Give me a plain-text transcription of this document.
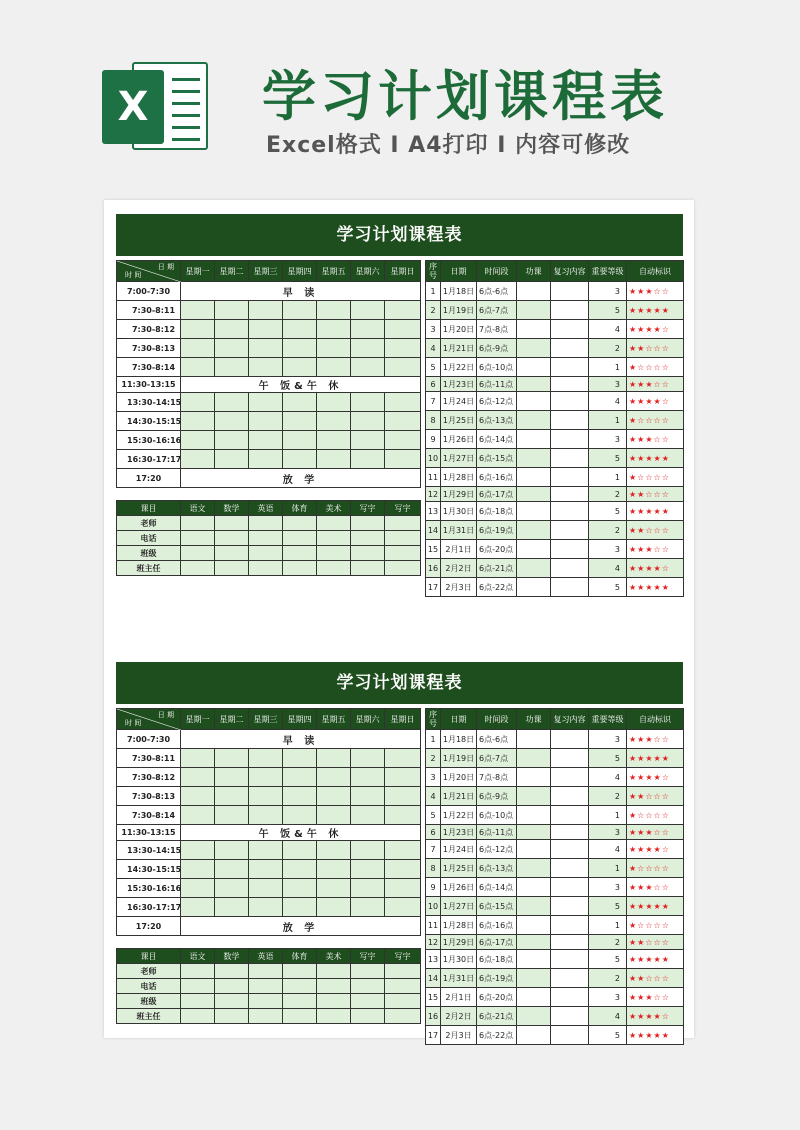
X 学习计划课程表
Excel格式 Ⅰ A4打印 Ⅰ 内容可修改
学习计划课程表
日 期
时 间	星期一	星期二	星期三	星期四	星期五	星期六	星期日
7:00-7:30	早 读						

7:30-8:11							
7:30-8:12							
7:30-8:13							
7:30-8:14							
11:30-13:15	午 饭&午 休						

13:30-14:15							
14:30-15:15							
15:30-16:16							
16:30-17:17							
17:20	放 学						
课目	语文	数学	英语	体育	美术	写字	写字
老师							
电话							
班级							
班主任							
序号	日期	时间段	功课	复习内容	重要等级	自动标识
1	1月18日	6点-6点			3	★★★☆☆
2	1月19日	6点-7点			5	★★★★★
3	1月20日	7点-8点			4	★★★★☆
4	1月21日	6点-9点			2	★★☆☆☆
5	1月22日	6点-10点			1	★☆☆☆☆
6	1月23日	6点-11点			3	★★★☆☆
7	1月24日	6点-12点			4	★★★★☆
8	1月25日	6点-13点			1	★☆☆☆☆
9	1月26日	6点-14点			3	★★★☆☆
10	1月27日	6点-15点			5	★★★★★
11	1月28日	6点-16点			1	★☆☆☆☆
12	1月29日	6点-17点			2	★★☆☆☆
13	1月30日	6点-18点			5	★★★★★
14	1月31日	6点-19点			2	★★☆☆☆
15	2月1日	6点-20点			3	★★★☆☆
16	2月2日	6点-21点			4	★★★★☆
17	2月3日	6点-22点			5	★★★★★
学习计划课程表
日 期
时 间	星期一	星期二	星期三	星期四	星期五	星期六	星期日
7:00-7:30	早 读						

7:30-8:11							
7:30-8:12							
7:30-8:13							
7:30-8:14							
11:30-13:15	午 饭&午 休						

13:30-14:15							
14:30-15:15							
15:30-16:16							
16:30-17:17							
17:20	放 学						
课目	语文	数学	英语	体育	美术	写字	写字
老师							
电话							
班级							
班主任							
序号	日期	时间段	功课	复习内容	重要等级	自动标识
1	1月18日	6点-6点			3	★★★☆☆
2	1月19日	6点-7点			5	★★★★★
3	1月20日	7点-8点			4	★★★★☆
4	1月21日	6点-9点			2	★★☆☆☆
5	1月22日	6点-10点			1	★☆☆☆☆
6	1月23日	6点-11点			3	★★★☆☆
7	1月24日	6点-12点			4	★★★★☆
8	1月25日	6点-13点			1	★☆☆☆☆
9	1月26日	6点-14点			3	★★★☆☆
10	1月27日	6点-15点			5	★★★★★
11	1月28日	6点-16点			1	★☆☆☆☆
12	1月29日	6点-17点			2	★★☆☆☆
13	1月30日	6点-18点			5	★★★★★
14	1月31日	6点-19点			2	★★☆☆☆
15	2月1日	6点-20点			3	★★★☆☆
16	2月2日	6点-21点			4	★★★★☆
17	2月3日	6点-22点			5	★★★★★
